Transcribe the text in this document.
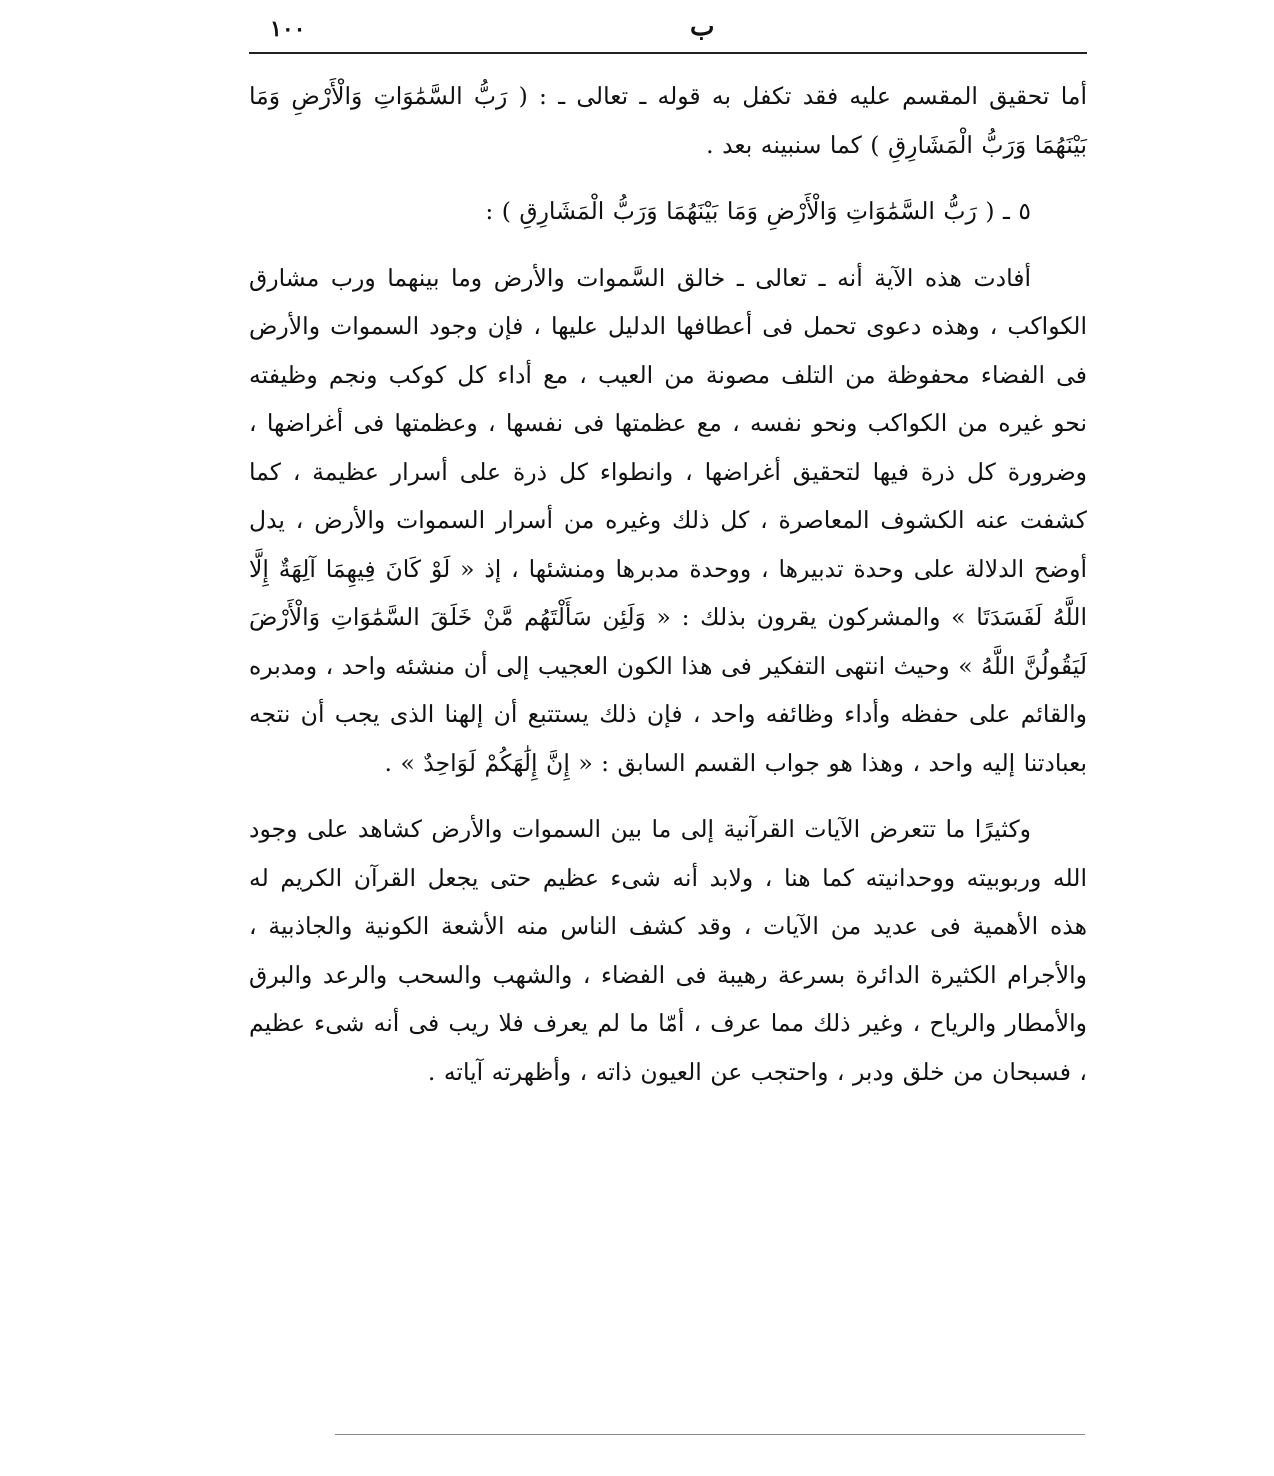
١٠٠	ب

أما تحقيق المقسم عليه فقد تكفل به قوله ـ تعالى ـ : ( رَبُّ السَّمَٰوَاتِ وَالْأَرْضِ وَمَا بَيْنَهُمَا وَرَبُّ الْمَشَارِقِ ) كما سنبينه بعد .

٥ ـ ( رَبُّ السَّمَٰوَاتِ وَالْأَرْضِ وَمَا بَيْنَهُمَا وَرَبُّ الْمَشَارِقِ ) :

أفادت هذه الآية أنه ـ تعالى ـ خالق السَّموات والأرض وما بينهما ورب مشارق الكواكب ، وهذه دعوى تحمل فى أعطافها الدليل عليها ، فإن وجود السموات والأرض فى الفضاء محفوظة من التلف مصونة من العيب ، مع أداء كل كوكب ونجم وظيفته نحو غيره من الكواكب ونحو نفسه ، مع عظمتها فى نفسها ، وعظمتها فى أغراضها ، وضرورة كل ذرة فيها لتحقيق أغراضها ، وانطواء كل ذرة على أسرار عظيمة ، كما كشفت عنه الكشوف المعاصرة ، كل ذلك وغيره من أسرار السموات والأرض ، يدل أوضح الدلالة على وحدة تدبيرها ، ووحدة مدبرها ومنشئها ، إذ « لَوْ كَانَ فِيهِمَا آلِهَةٌ إِلَّا اللَّهُ لَفَسَدَتَا » والمشركون يقرون بذلك : « وَلَئِن سَأَلْتَهُم مَّنْ خَلَقَ السَّمَٰوَاتِ وَالْأَرْضَ لَيَقُولُنَّ اللَّهُ » وحيث انتهى التفكير فى هذا الكون العجيب إلى أن منشئه واحد ، ومدبره والقائم على حفظه وأداء وظائفه واحد ، فإن ذلك يستتبع أن إلهنا الذى يجب أن نتجه بعبادتنا إليه واحد ، وهذا هو جواب القسم السابق : « إِنَّ إِلَٰهَكُمْ لَوَاحِدٌ » .

وكثيرًا ما تتعرض الآيات القرآنية إلى ما بين السموات والأرض كشاهد على وجود الله وربوبيته ووحدانيته كما هنا ، ولابد أنه شىء عظيم حتى يجعل القرآن الكريم له هذه الأهمية فى عديد من الآيات ، وقد كشف الناس منه الأشعة الكونية والجاذبية ، والأجرام الكثيرة الدائرة بسرعة رهيبة فى الفضاء ، والشهب والسحب والرعد والبرق والأمطار والرياح ، وغير ذلك مما عرف ، أمّا ما لم يعرف فلا ريب فى أنه شىء عظيم ، فسبحان من خلق ودبر ، واحتجب عن العيون ذاته ، وأظهرته آياته .
